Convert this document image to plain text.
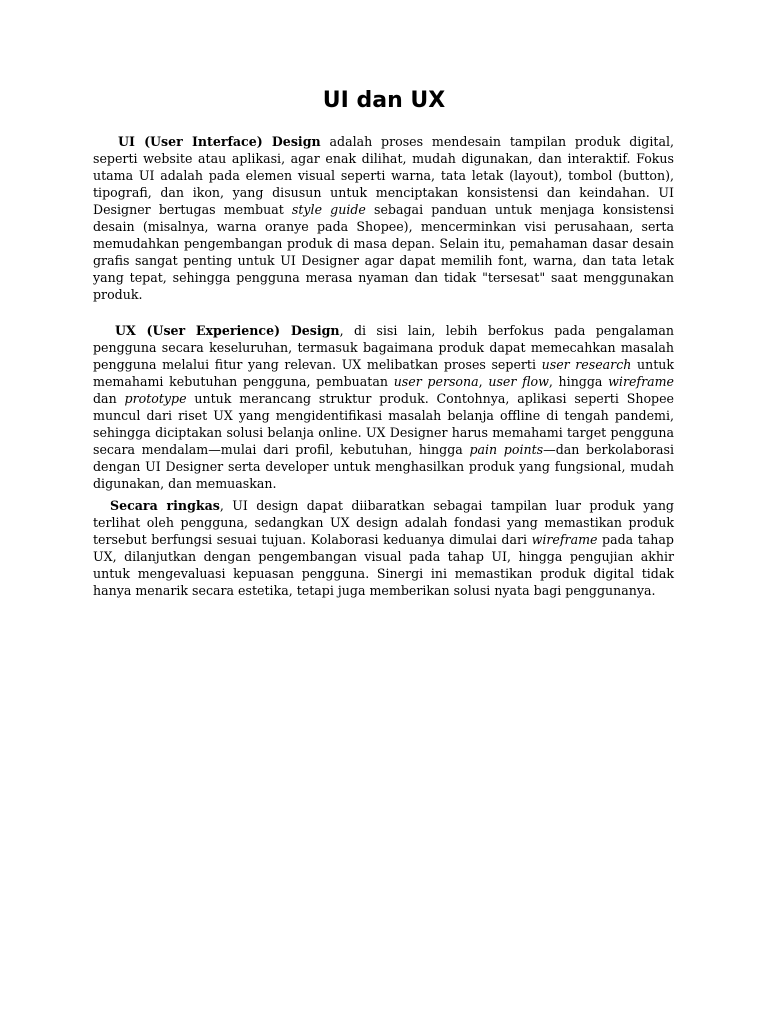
UI dan UX

UI (User Interface) Design adalah proses mendesain tampilan produk digital, seperti website atau aplikasi, agar enak dilihat, mudah digunakan, dan interaktif. Fokus utama UI adalah pada elemen visual seperti warna, tata letak (layout), tombol (button), tipografi, dan ikon, yang disusun untuk menciptakan konsistensi dan keindahan. UI Designer bertugas membuat style guide sebagai panduan untuk menjaga konsistensi desain (misalnya, warna oranye pada Shopee), mencerminkan visi perusahaan, serta memudahkan pengembangan produk di masa depan. Selain itu, pemahaman dasar desain grafis sangat penting untuk UI Designer agar dapat memilih font, warna, dan tata letak yang tepat, sehingga pengguna merasa nyaman dan tidak "tersesat" saat menggunakan produk.

UX (User Experience) Design, di sisi lain, lebih berfokus pada pengalaman pengguna secara keseluruhan, termasuk bagaimana produk dapat memecahkan masalah pengguna melalui fitur yang relevan. UX melibatkan proses seperti user research untuk memahami kebutuhan pengguna, pembuatan user persona, user flow, hingga wireframe dan prototype untuk merancang struktur produk. Contohnya, aplikasi seperti Shopee muncul dari riset UX yang mengidentifikasi masalah belanja offline di tengah pandemi, sehingga diciptakan solusi belanja online. UX Designer harus memahami target pengguna secara mendalam—mulai dari profil, kebutuhan, hingga pain points—dan berkolaborasi dengan UI Designer serta developer untuk menghasilkan produk yang fungsional, mudah digunakan, dan memuaskan.

Secara ringkas, UI design dapat diibaratkan sebagai tampilan luar produk yang terlihat oleh pengguna, sedangkan UX design adalah fondasi yang memastikan produk tersebut berfungsi sesuai tujuan. Kolaborasi keduanya dimulai dari wireframe pada tahap UX, dilanjutkan dengan pengembangan visual pada tahap UI, hingga pengujian akhir untuk mengevaluasi kepuasan pengguna. Sinergi ini memastikan produk digital tidak hanya menarik secara estetika, tetapi juga memberikan solusi nyata bagi penggunanya.
